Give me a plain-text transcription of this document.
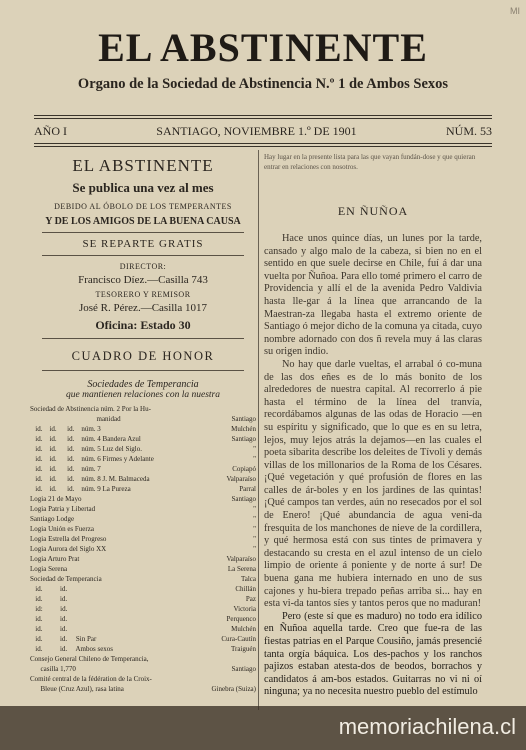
MI
EL ABSTINENTE
Organo de la Sociedad de Abstinencia N.º 1 de Ambos Sexos
AÑO I	SANTIAGO, NOVIEMBRE 1.º DE 1901	NÚM. 53
EL ABSTINENTE
Se publica una vez al mes
DEBIDO AL ÓBOLO DE LOS TEMPERANTES
Y DE LOS AMIGOS DE LA BUENA CAUSA
SE REPARTE GRATIS
DIRECTOR:
Francisco Díez.—Casilla 743
TESORERO Y REMISOR
José R. Pérez.—Casilla 1017
Oficina: Estado 30
CUADRO DE HONOR
Sociedades de Temperancia
que mantienen relaciones con la nuestra
Sociedad de Abstinencia núm. 2 Por la Hu-
manidad	Santiago
id.    id.      id.    núm. 3	Mulchén
id.    id.      id.    núm. 4 Bandera Azul	Santiago
id.    id.      id.    núm. 5 Luz del Siglo.	"
id.    id.      id.    núm. 6 Firmes y Adelante	"
id.    id.      id.    núm. 7	Copiapó
id.    id.      id.    núm. 8 J. M. Balmaceda	Valparaíso
id.    id.      id.    núm. 9 La Pureza	Parral
Logia 21 de Mayo	Santiago
Logia Patria y Libertad	"
Santiago Lodge	"
Logia Unión es Fuerza	"
Logia Estrella del Progreso	"
Logia Aurora del Siglo XX	"
Logia Arturo Prat	Valparaíso
Logia Serena	La Serena
Sociedad de Temperancia	Talca
id.          id.	Chillán
id.          id.	Paz
id:          id.	Victoria
id.          id.	Perquenco
id.          id.	Mulchén
id.          id.     Sin Par	Cura-Cautín
id.          id.     Ambos sexos	Traiguén
Consejo General Chileno de Temperancia,
casilla 1,770	Santiago
Comité central de la fédération de la Croix-
Bleue (Cruz Azul), rasa latina	Ginebra (Suiza)
Hay lugar en la presente lista para las que vayan fundán-dose y que quieran entrar en relaciones con nosotros.
EN ÑUÑOA

Hace unos quince días, un lunes por la tarde, cansado y algo malo de la cabeza, si bien no en el sentido en que suele decirse en Chile, fuí á dar una vuelta por Ñuñoa. Para ello tomé primero el carro de Providencia y allí el de la avenida Pedro Valdivia hasta lle-gar á la línea que arrancando de la Maestran-za llegaba hasta el extremo oriente de Santiago ó mejor dicho de la comuna ya citada, cuyo nombre adornado con dos ñ revela muy á las claras su origen indio.

No hay que darle vueltas, el arrabal ó co-muna de las dos eñes es de lo más bonito de los alrededores de nuestra capital. Al recorrerlo á pie hasta el término de la línea del tranvía, recordábamos algunas de las odas de Horacio —en su espíritu y significado, que lo que es en su letra, lejos, muy lejos atrás la dejamos—en las cuales el poeta sibarita describe los deleites de Tívoli y demás villas de los millonarios de la Roma de los Césares. ¡Qué vegetación y qué profusión de flores en las calles de ár-boles y en los jardines de las quintas! ¡Qué campos tan verdes, aún no resecados por el sol de Enero! ¡Qué abundancia de agua veni-da fresquita de los manchones de nieve de la cordillera, y qué hermosa está con sus tintes de primavera y destacando su cresta en el azul intenso de un cielo limpio de oriente á poniente y de norte á sur! De buena gana me hubiera internado en uno de sus cajones y hu-biera trepado peñas arriba si... hay en esta vi-da tantos síes y tantos peros que no maduran!

Pero (este sí que es maduro) no todo era idílico en Ñuñoa aquella tarde. Creo que fue-ra de las fiestas patrias en el Parque Cousiño, jamás presencié tanta orgía báquica. Los des-pachos y los ranchos pajizos estaban atesta-dos de beodos, borrachos y candidatos á am-bos estados. Guitarras no vi ni oí ninguna; ya no necesita nuestro pueblo del estímulo

memoriachilena.cl
